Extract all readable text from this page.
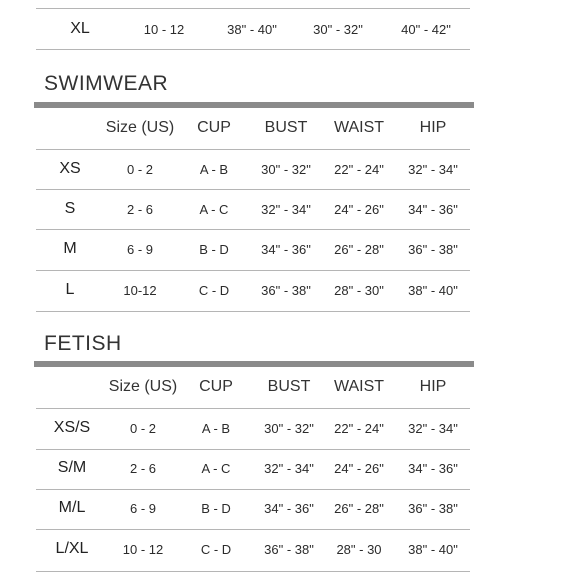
XL	10 - 12	38" - 40"	30" - 32"	40" - 42"
SWIMWEAR
Size (US) CUP BUST WAIST HIP
XS	0 - 2	A - B	30" - 32" 22" - 24" 32" - 34"
S	2 - 6	A - C	32" - 34" 24" - 26" 34" - 36"
M	6 - 9	B - D 34" - 36" 26" - 28" 36" - 38"
L	10-12	C - D 36" - 38" 28" - 30" 38" - 40"
FETISH
Size (US) CUP BUST WAIST HIP
XS/S	0 - 2	A - B	30" - 32" 22" - 24" 32" - 34"
S/M	2 - 6	A - C	32" - 34" 24" - 26" 34" - 36"
M/L	6 - 9	B - D	34" - 36" 26" - 28" 36" - 38"
L/XL	10 - 12	C - D	36" - 38" 28" - 30 38" - 40"
